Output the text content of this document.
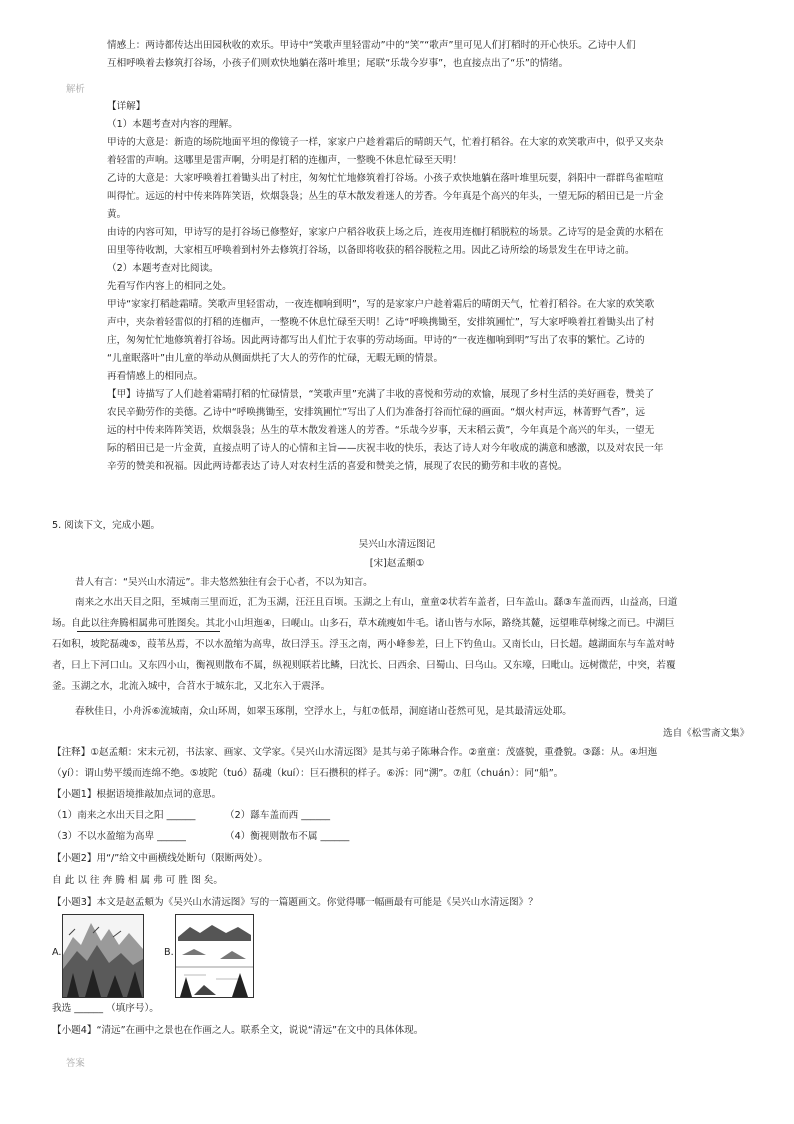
情感上：两诗都传达出田园秋收的欢乐。甲诗中“笑歌声里轻雷动”中的“笑”“歌声”里可见人们打稻时的开心快乐。乙诗中人们
互相呼唤着去修筑打谷场，小孩子们则欢快地躺在落叶堆里；尾联“乐哉今岁事”，也直接点出了“乐”的情绪。
解析
【详解】
（1）本题考查对内容的理解。
甲诗的大意是：新造的场院地面平坦的像镜子一样，家家户户趁着霜后的晴朗天气，忙着打稻谷。在大家的欢笑歌声中，似乎又夹杂
着轻雷的声响。这哪里是雷声啊，分明是打稻的连枷声，一整晚不休息忙碌至天明！
乙诗的大意是：大家呼唤着扛着锄头出了村庄，匆匆忙忙地修筑着打谷场。小孩子欢快地躺在落叶堆里玩耍，斜阳中一群群鸟雀喧喧
叫得忙。远远的村中传来阵阵笑语，炊烟袅袅；丛生的草木散发着迷人的芳香。今年真是个高兴的年头，一望无际的稻田已是一片金
黄。
由诗的内容可知，甲诗写的是打谷场已修整好，家家户户稻谷收获上场之后，连夜用连枷打稻脱粒的场景。乙诗写的是金黄的水稻在
田里等待收割，大家相互呼唤着到村外去修筑打谷场，以备即将收获的稻谷脱粒之用。因此乙诗所绘的场景发生在甲诗之前。
（2）本题考查对比阅读。
先看写作内容上的相同之处。
甲诗“家家打稻趁霜晴。笑歌声里轻雷动，一夜连枷响到明”，写的是家家户户趁着霜后的晴朗天气，忙着打稻谷。在大家的欢笑歌
声中，夹杂着轻雷似的打稻的连枷声，一整晚不休息忙碌至天明！乙诗“呼唤携锄至，安排筑圃忙”，写大家呼唤着扛着锄头出了村
庄，匆匆忙忙地修筑着打谷场。因此两诗都写出人们忙于农事的劳动场面。甲诗的“一夜连枷响到明”写出了农事的繁忙。乙诗的
“儿童眠落叶”由儿童的举动从侧面烘托了大人的劳作的忙碌，无暇无顾的情景。
再看情感上的相同点。
【甲】诗描写了人们趁着霜晴打稻的忙碌情景，“笑歌声里”充满了丰收的喜悦和劳动的欢愉，展现了乡村生活的美好画卷，赞美了
农民辛勤劳作的美德。乙诗中“呼唤携锄至，安排筑圃忙”写出了人们为准备打谷而忙碌的画面。“烟火村声远，林菁野气香”，远
远的村中传来阵阵笑语，炊烟袅袅；丛生的草木散发着迷人的芳香。“乐哉今岁事，天末稻云黄”，今年真是个高兴的年头，一望无
际的稻田已是一片金黄，直接点明了诗人的心情和主旨——庆祝丰收的快乐，表达了诗人对今年收成的满意和感激，以及对农民一年
辛劳的赞美和祝福。因此两诗都表达了诗人对农村生活的喜爱和赞美之情，展现了农民的勤劳和丰收的喜悦。
5. 阅读下文，完成小题。
吴兴山水清远图记
[宋]赵孟頫①
昔人有言：“吴兴山水清远”。非夫悠然独往有会于心者，不以为知言。
南来之水出天目之阳，至城南三里而近，汇为玉湖，汪汪且百顷。玉湖之上有山，童童②状若车盖者，曰车盖山。繇③车盖而西，山益高，曰道
场。自此以往奔腾相属弗可胜图矣。其北小山坦迤④，曰岘山。山多石，草木疏瘦如牛毛。诸山皆与水际，路绕其麓，远望唯草树缘之而已。中湖巨
石如积，坡陀磊魂⑤，葭苇丛焉，不以水盈缩为高卑，故曰浮玉。浮玉之南，两小峰参差，曰上下钓鱼山。又南长山，曰长超。越湖面东与车盖对峙
者，曰上下河口山。又东四小山，衡视则散布不属，纵视则联若比鳞，曰沈长、曰西余、曰蜀山、曰乌山。又东壕，曰毗山。远树微茫，中突，若覆
釜。玉湖之水，北流入城中，合苕水于城东北，又北东入于震泽。
春秋佳日，小舟泝⑥流城南，众山环周，如翠玉琢削，空浮水上，与舡⑦低昂，洞庭诸山苍然可见，是其最清远处耶。
选自《松雪斋文集》
【注释】①赵孟頫：宋末元初，书法家、画家、文学家。《吴兴山水清远图》是其与弟子陈琳合作。②童童：茂盛貌，重叠貌。③繇：从。④坦迤
（yí）：谓山势平缓而连绵不绝。⑤坡陀（tuó）磊魂（kuí）：巨石攒积的样子。⑥泝：同“溯”。⑦舡（chuán）：同“船”。
【小题1】根据语境推敲加点词的意思。
（1）南来之水出天目之阳 ______	（2）繇车盖而西 ______
（3）不以水盈缩为高卑 ______	（4）衡视则散布不属 ______
【小题2】用“/”给文中画横线处断句（限断两处）。
自 此 以 往 奔 腾 相 属 弗 可 胜 图 矣。
【小题3】本文是赵孟頫为《吴兴山水清远图》写的一篇题画文。你觉得哪一幅画最有可能是《吴兴山水清远图》？
A.	B.
我选 ______ （填序号）。
【小题4】“清远”在画中之景也在作画之人。联系全文，说说“清远”在文中的具体体现。
答案
